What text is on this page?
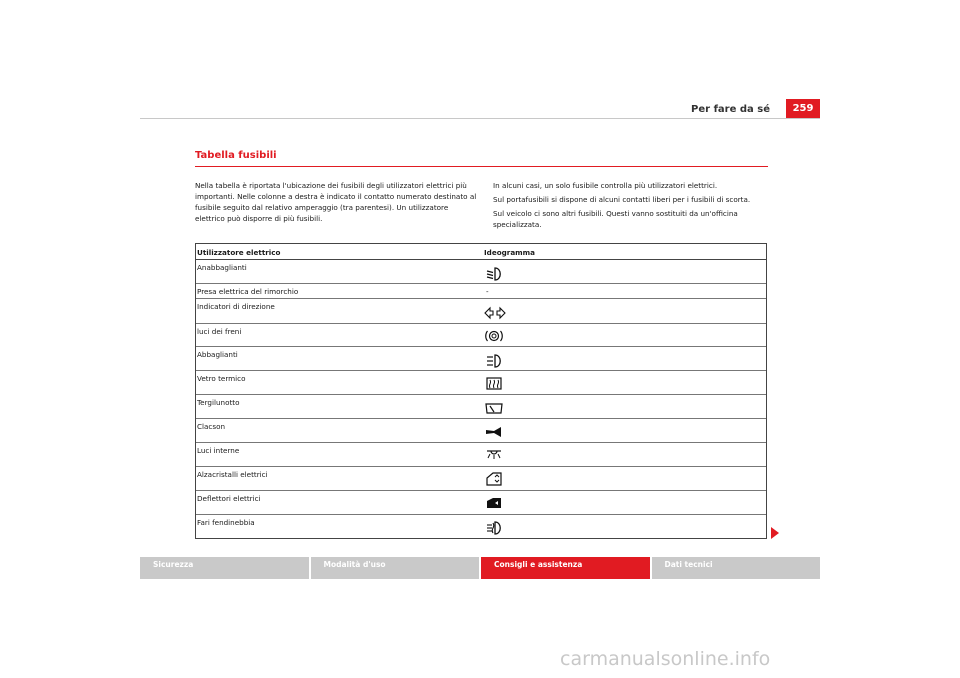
Per fare da sé	259
Tabella fusibili

Nella tabella è riportata l'ubicazione dei fusibili degli utilizzatori elettrici più importanti. Nelle colonne a destra è indicato il contatto numerato destinato al fusibile seguito dal relativo amperaggio (tra parentesi). Un utilizzatore elettrico può disporre di più fusibili.

In alcuni casi, un solo fusibile controlla più utilizzatori elettrici.

Sul portafusibili si dispone di alcuni contatti liberi per i fusibili di scorta.

Sul veicolo ci sono altri fusibili. Questi vanno sostituiti da un'officina specializzata.

Utilizzatore elettrico	Ideogramma
Anabbaglianti
Presa elettrica del rimorchio	-
Indicatori di direzione
luci dei freni
Abbaglianti
Vetro termico
Tergilunotto
Clacson
Luci interne
Alzacristalli elettrici
Deflettori elettrici
Fari fendinebbia
Sicurezza	Modalità d'uso	Consigli e assistenza	Dati tecnici
carmanualsonline.info
